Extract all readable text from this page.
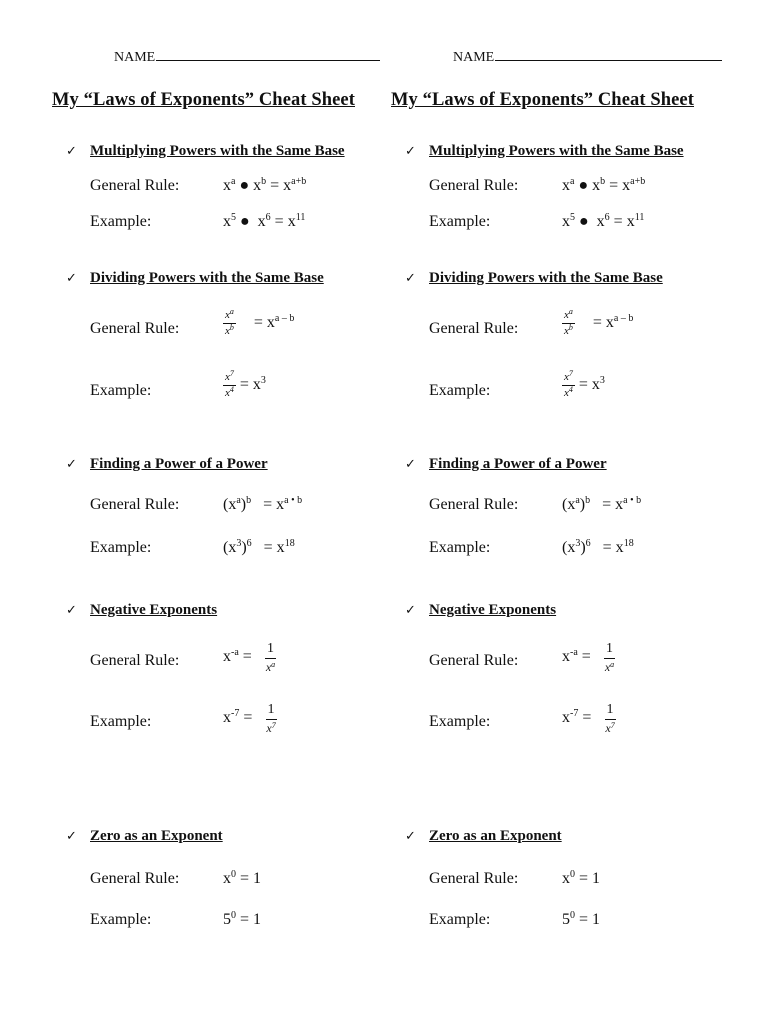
NAME
My “Laws of Exponents” Cheat Sheet
✓ Multiplying Powers with the Same Base
General Rule:	$x^a$ ● $x^b = x^{a+b}$
Example:	$x^5$ ● $x^6 = x^{11}$
✓ Dividing Powers with the Same Base
General Rule:	$\frac{x^a}{x^b} = x^{a - b}$
Example:	$\frac{x^7}{x^4} = x^3$
✓ Finding a Power of a Power
General Rule:	$(x^a)^b = x^{a • b}$
Example:	$(x^3)^6 = x^{18}$
✓ Negative Exponents
General Rule:	$x^{-a} = \frac{1}{x^a}$
Example:	$x^{-7} = \frac{1}{x^7}$
✓ Zero as an Exponent
General Rule:	$x^0 = 1$
Example:	$5^0 = 1$
NAME
My “Laws of Exponents” Cheat Sheet
✓ Multiplying Powers with the Same Base
General Rule:	$x^a$ ● $x^b = x^{a+b}$
Example:	$x^5$ ● $x^6 = x^{11}$
✓ Dividing Powers with the Same Base
General Rule:	$\frac{x^a}{x^b} = x^{a - b}$
Example:	$\frac{x^7}{x^4} = x^3$
✓ Finding a Power of a Power
General Rule:	$(x^a)^b = x^{a • b}$
Example:	$(x^3)^6 = x^{18}$
✓ Negative Exponents
General Rule:	$x^{-a} = \frac{1}{x^a}$
Example:	$x^{-7} = \frac{1}{x^7}$
✓ Zero as an Exponent
General Rule:	$x^0 = 1$
Example:	$5^0 = 1$
